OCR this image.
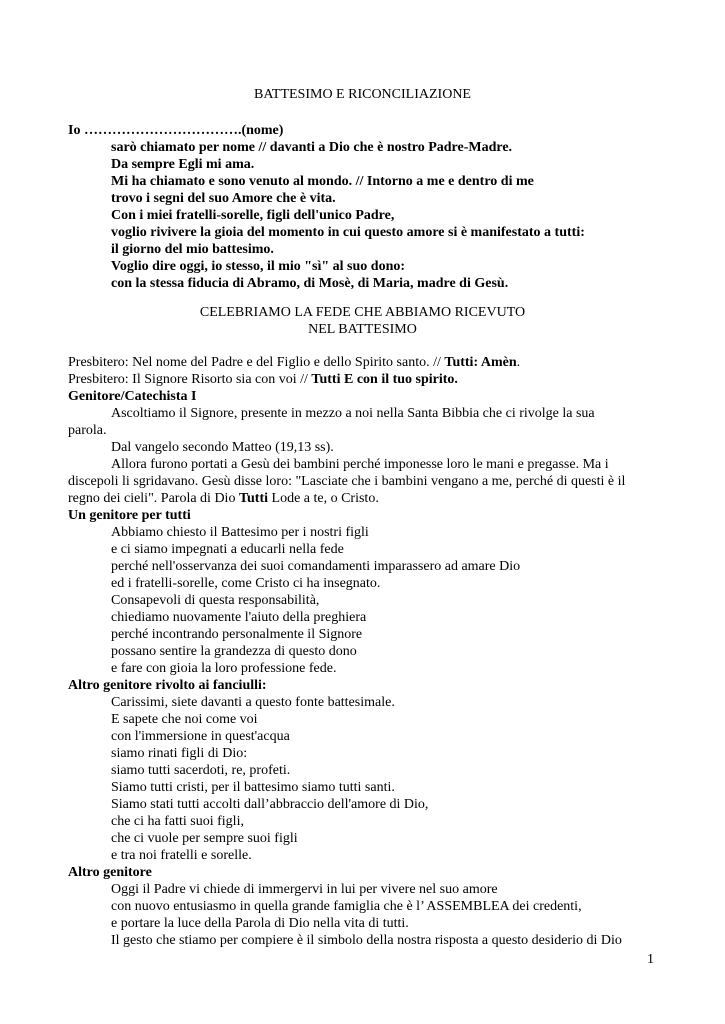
BATTESIMO E RICONCILIAZIONE
Io …………………………….(nome)
sarò chiamato per nome // davanti a Dio che è nostro Padre-Madre.
Da sempre Egli mi ama.
Mi ha chiamato e sono venuto al mondo. // Intorno a me e dentro di me
trovo i segni del suo Amore che è vita.
Con i miei fratelli-sorelle, figli dell'unico Padre,
voglio rivivere la gioia del momento in cui questo amore si è manifestato a tutti:
il giorno del mio battesimo.
Voglio dire oggi, io stesso, il mio "sì" al suo dono:
con la stessa fiducia di Abramo, di Mosè, di Maria, madre di Gesù.
CELEBRIAMO LA FEDE CHE ABBIAMO RICEVUTO
NEL BATTESIMO
Presbitero: Nel nome del Padre e del Figlio e dello Spirito santo. // Tutti: Amèn.
Presbitero: Il Signore Risorto sia con voi // Tutti E con il tuo spirito.
Genitore/Catechista I
Ascoltiamo il Signore, presente in mezzo a noi nella Santa Bibbia che ci rivolge la sua
parola.
Dal vangelo secondo Matteo (19,13 ss).
Allora furono portati a Gesù dei bambini perché imponesse loro le mani e pregasse. Ma i
discepoli li sgridavano. Gesù disse loro: "Lasciate che i bambini vengano a me, perché di questi è il
regno dei cieli". Parola di Dio Tutti Lode a te, o Cristo.
Un genitore per tutti
Abbiamo chiesto il Battesimo per i nostri figli
e ci siamo impegnati a educarli nella fede
perché nell'osservanza dei suoi comandamenti imparassero ad amare Dio
ed i fratelli-sorelle, come Cristo ci ha insegnato.
Consapevoli di questa responsabilità,
chiediamo nuovamente l'aiuto della preghiera
perché incontrando personalmente il Signore
possano sentire la grandezza di questo dono
e fare con gioia la loro professione fede.
Altro genitore rivolto ai fanciulli:
Carissimi, siete davanti a questo fonte battesimale.
E sapete che noi come voi
con l'immersione in quest'acqua
siamo rinati figli di Dio:
siamo tutti sacerdoti, re, profeti.
Siamo tutti cristi, per il battesimo siamo tutti santi.
Siamo stati tutti accolti dall’abbraccio dell'amore di Dio,
che ci ha fatti suoi figli,
che ci vuole per sempre suoi figli
e tra noi fratelli e sorelle.
Altro genitore
Oggi il Padre vi chiede di immergervi in lui per vivere nel suo amore
con nuovo entusiasmo in quella grande famiglia che è l’ ASSEMBLEA dei credenti,
e portare la luce della Parola di Dio nella vita di tutti.
Il gesto che stiamo per compiere è il simbolo della nostra risposta a questo desiderio di Dio
1
